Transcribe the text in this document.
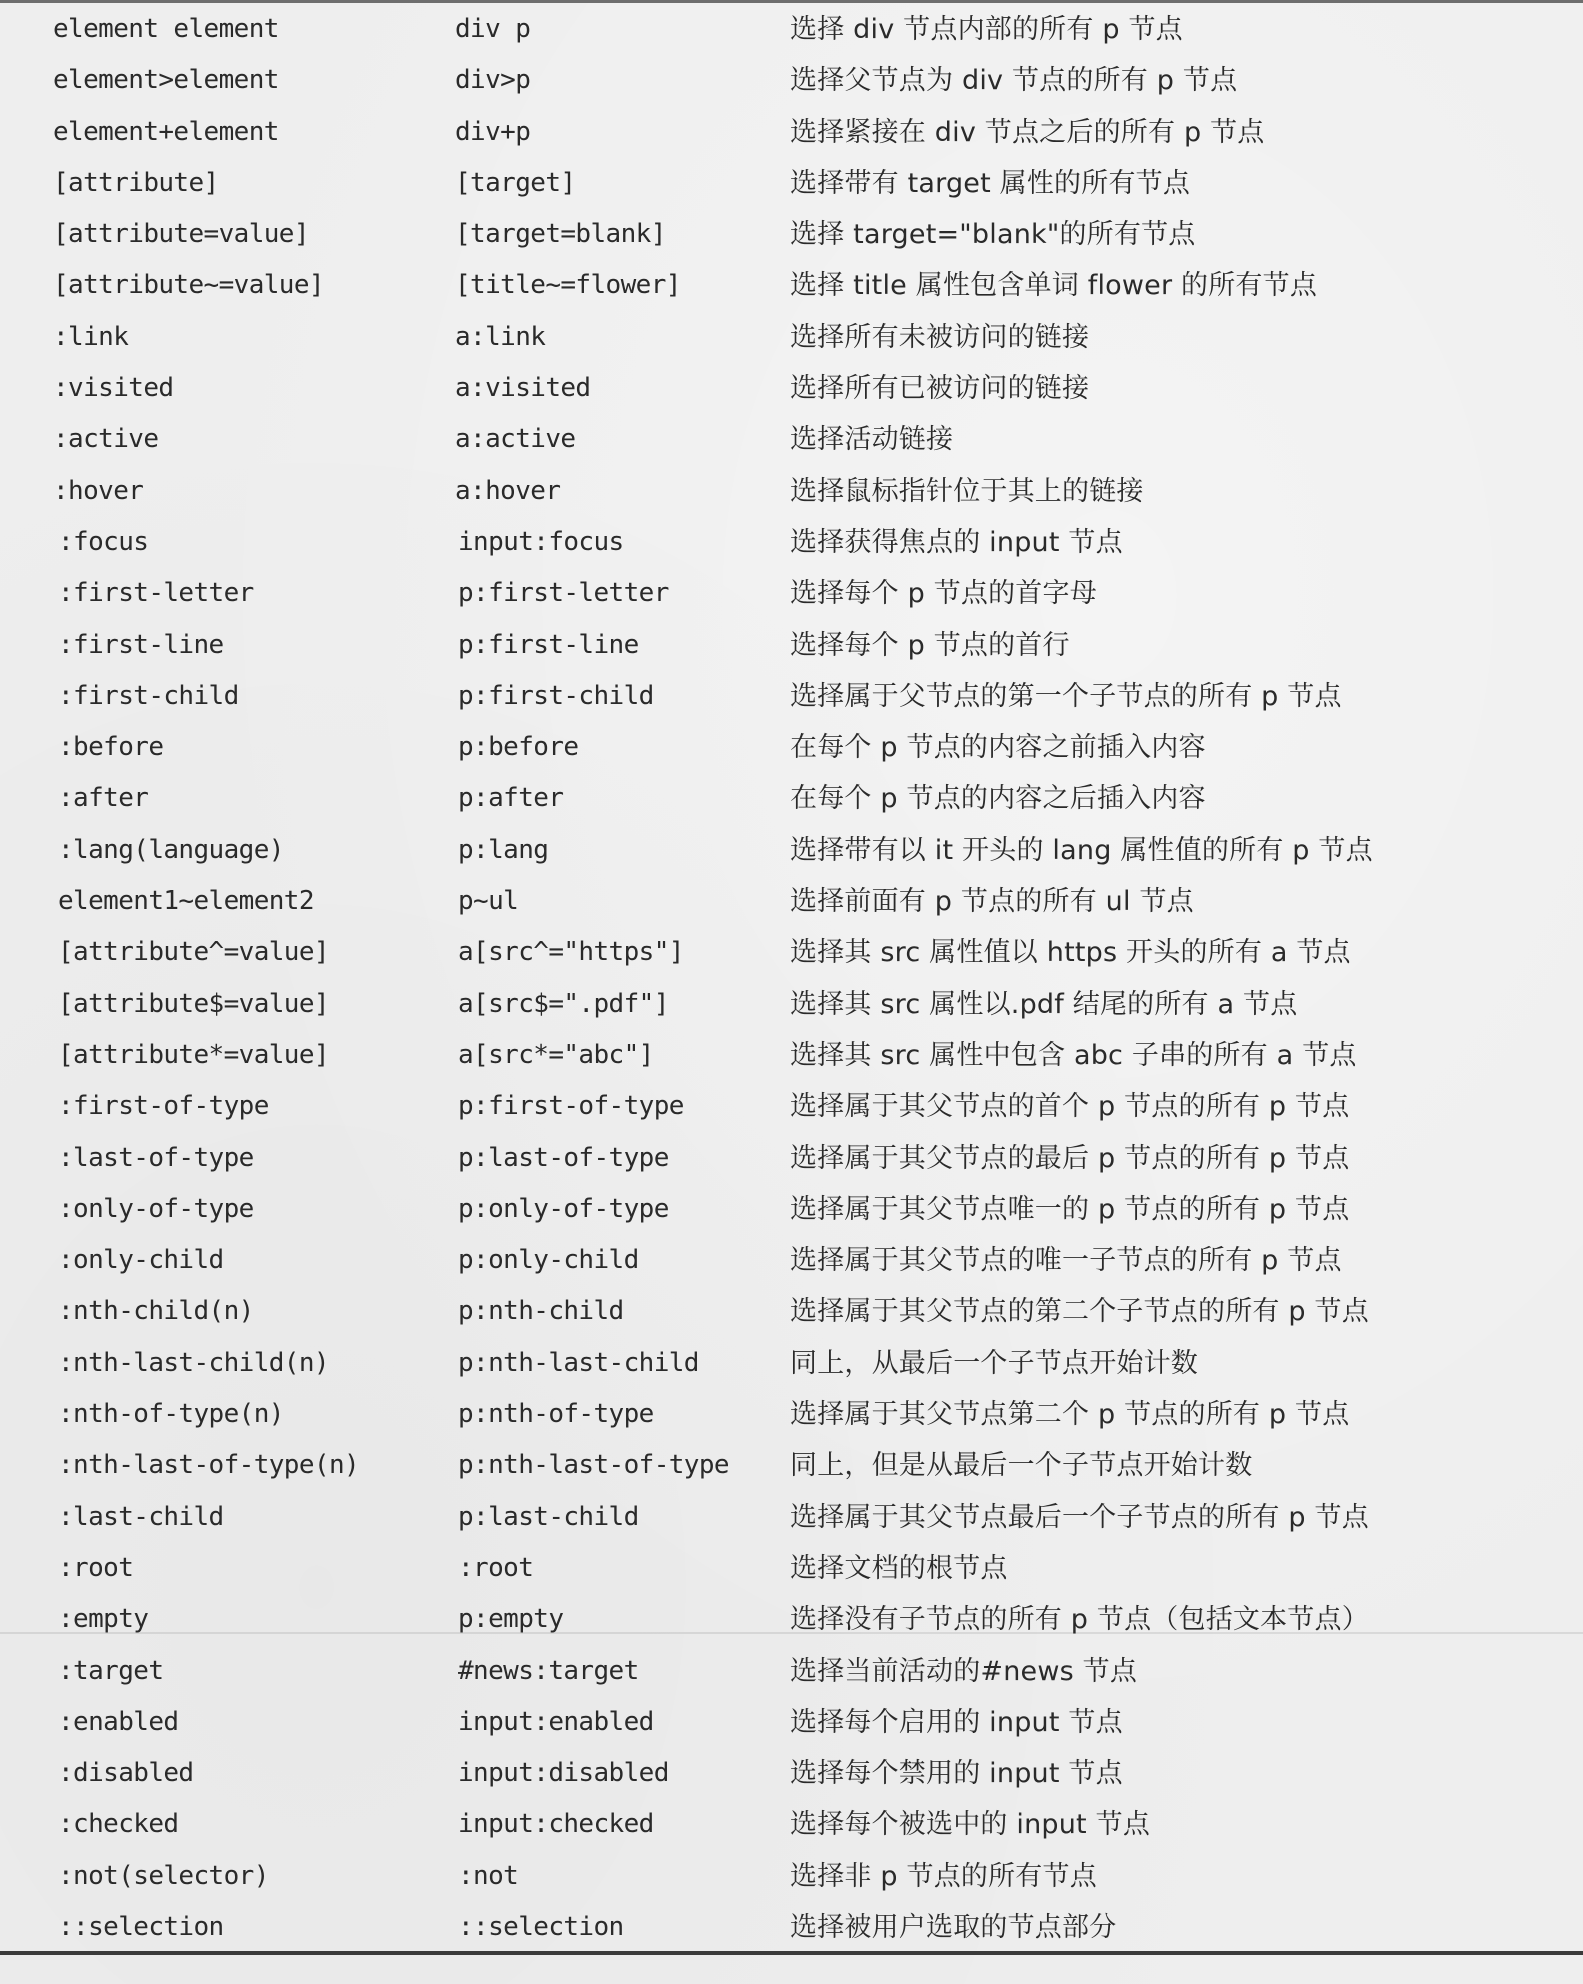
element element	div p	选择 div 节点内部的所有 p 节点
element>element	div>p	选择父节点为 div 节点的所有 p 节点
element+element	div+p	选择紧接在 div 节点之后的所有 p 节点
[attribute]	[target]	选择带有 target 属性的所有节点
[attribute=value]	[target=blank]	选择 target="blank"的所有节点
[attribute~=value]	[title~=flower]	选择 title 属性包含单词 flower 的所有节点
:link	a:link	选择所有未被访问的链接
:visited	a:visited	选择所有已被访问的链接
:active	a:active	选择活动链接
:hover	a:hover	选择鼠标指针位于其上的链接
:focus	input:focus	选择获得焦点的 input 节点
:first-letter	p:first-letter	选择每个 p 节点的首字母
:first-line	p:first-line	选择每个 p 节点的首行
:first-child	p:first-child	选择属于父节点的第一个子节点的所有 p 节点
:before	p:before	在每个 p 节点的内容之前插入内容
:after	p:after	在每个 p 节点的内容之后插入内容
:lang(language)	p:lang	选择带有以 it 开头的 lang 属性值的所有 p 节点
element1~element2	p~ul	选择前面有 p 节点的所有 ul 节点
[attribute^=value]	a[src^="https"]	选择其 src 属性值以 https 开头的所有 a 节点
[attribute$=value]	a[src$=".pdf"]	选择其 src 属性以.pdf 结尾的所有 a 节点
[attribute*=value]	a[src*="abc"]	选择其 src 属性中包含 abc 子串的所有 a 节点
:first-of-type	p:first-of-type	选择属于其父节点的首个 p 节点的所有 p 节点
:last-of-type	p:last-of-type	选择属于其父节点的最后 p 节点的所有 p 节点
:only-of-type	p:only-of-type	选择属于其父节点唯一的 p 节点的所有 p 节点
:only-child	p:only-child	选择属于其父节点的唯一子节点的所有 p 节点
:nth-child(n)	p:nth-child	选择属于其父节点的第二个子节点的所有 p 节点
:nth-last-child(n)	p:nth-last-child	同上，从最后一个子节点开始计数
:nth-of-type(n)	p:nth-of-type	选择属于其父节点第二个 p 节点的所有 p 节点
:nth-last-of-type(n)	p:nth-last-of-type 同上，但是从最后一个子节点开始计数
:last-child	p:last-child	选择属于其父节点最后一个子节点的所有 p 节点
:root	:root	选择文档的根节点
:empty	p:empty	选择没有子节点的所有 p 节点（包括文本节点）
:target	#news:target	选择当前活动的#news 节点
:enabled	input:enabled	选择每个启用的 input 节点
:disabled	input:disabled	选择每个禁用的 input 节点
:checked	input:checked	选择每个被选中的 input 节点
:not(selector)	:not	选择非 p 节点的所有节点
::selection	::selection	选择被用户选取的节点部分
